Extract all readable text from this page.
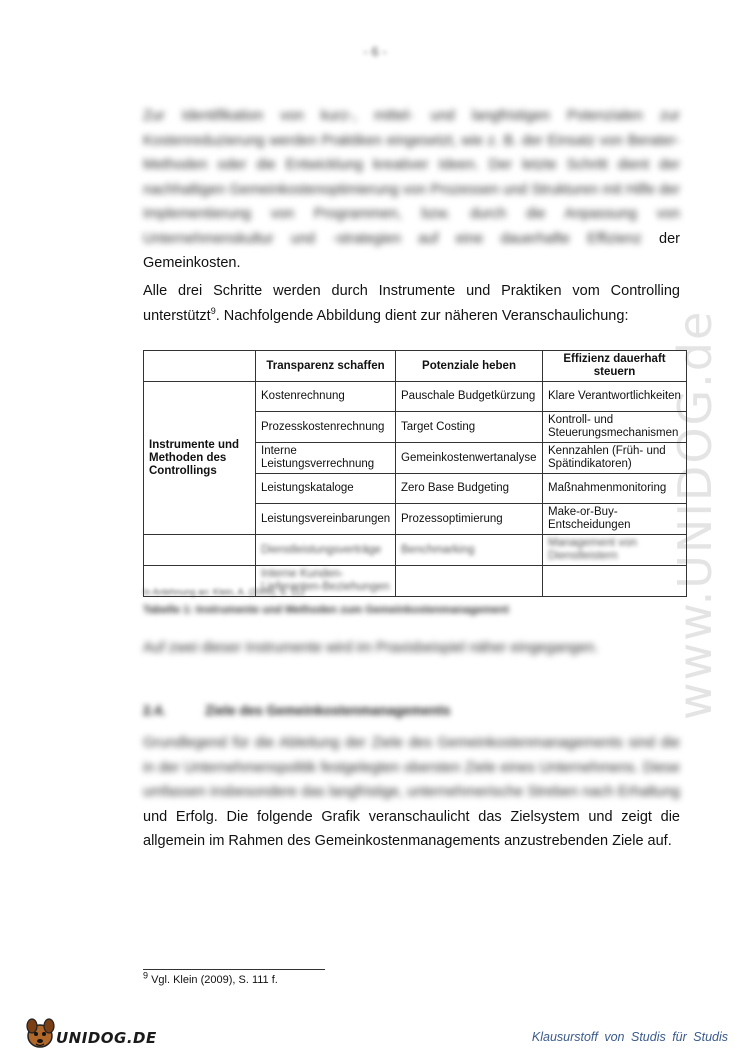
- 6 -
www.UNIDOG.de
Zur Identifikation von kurz-, mittel- und langfristigen Potenzialen zur Kostenreduzierung werden Praktiken eingesetzt, wie z. B. der Einsatz von Berater-Methoden oder die Entwicklung kreativer Ideen. Der letzte Schritt dient der nachhaltigen Gemeinkostenoptimierung von Prozessen und Strukturen mit Hilfe der Implementierung von Programmen, bzw. durch die Anpassung von Unternehmenskultur und -strategien auf eine dauerhafte Effizienz der Gemeinkosten.
Alle drei Schritte werden durch Instrumente und Praktiken vom Controlling unterstützt$^9$. Nachfolgende Abbildung dient zur näheren Veranschaulichung:
	Transparenz schaffen	Potenziale heben	Effizienz dauerhaft steuern
Instrumente und Methoden des Controllings	Kostenrechnung	Pauschale Budgetkürzung	Klare Verantwortlichkeiten
	Prozesskostenrechnung	Target Costing	Kontroll- und Steuerungsmechanismen
	Interne Leistungsverrechnung	Gemeinkostenwertanalyse	Kennzahlen (Früh- und Spätindikatoren)
	Leistungskataloge	Zero Base Budgeting	Maßnahmenmonitoring
	Leistungsvereinbarungen	Prozessoptimierung	Make-or-Buy-Entscheidungen
	Dienstleistungsverträge	Benchmarking	Management von Dienstleistern
	Interne Kunden-Lieferanten-Beziehungen		
In Anlehnung an: Klein, A. (2009), S. 112
Tabelle 1: Instrumente und Methoden zum Gemeinkostenmanagement
Auf zwei dieser Instrumente wird im Praxisbeispiel näher eingegangen.
2.4.	Ziele des Gemeinkostenmanagements
Grundlegend für die Ableitung der Ziele des Gemeinkostenmanagements sind die in der Unternehmenspolitik festgelegten obersten Ziele eines Unternehmens. Diese umfassen insbesondere das langfristige, unternehmerische Streben nach Erhaltung und Erfolg. Die folgende Grafik veranschaulicht das Zielsystem und zeigt die allgemein im Rahmen des Gemeinkostenmanagements anzustrebenden Ziele auf.
$^9$ Vgl. Klein (2009), S. 111 f.
UNIDOG.DE	Klausurstoff von Studis für Studis
